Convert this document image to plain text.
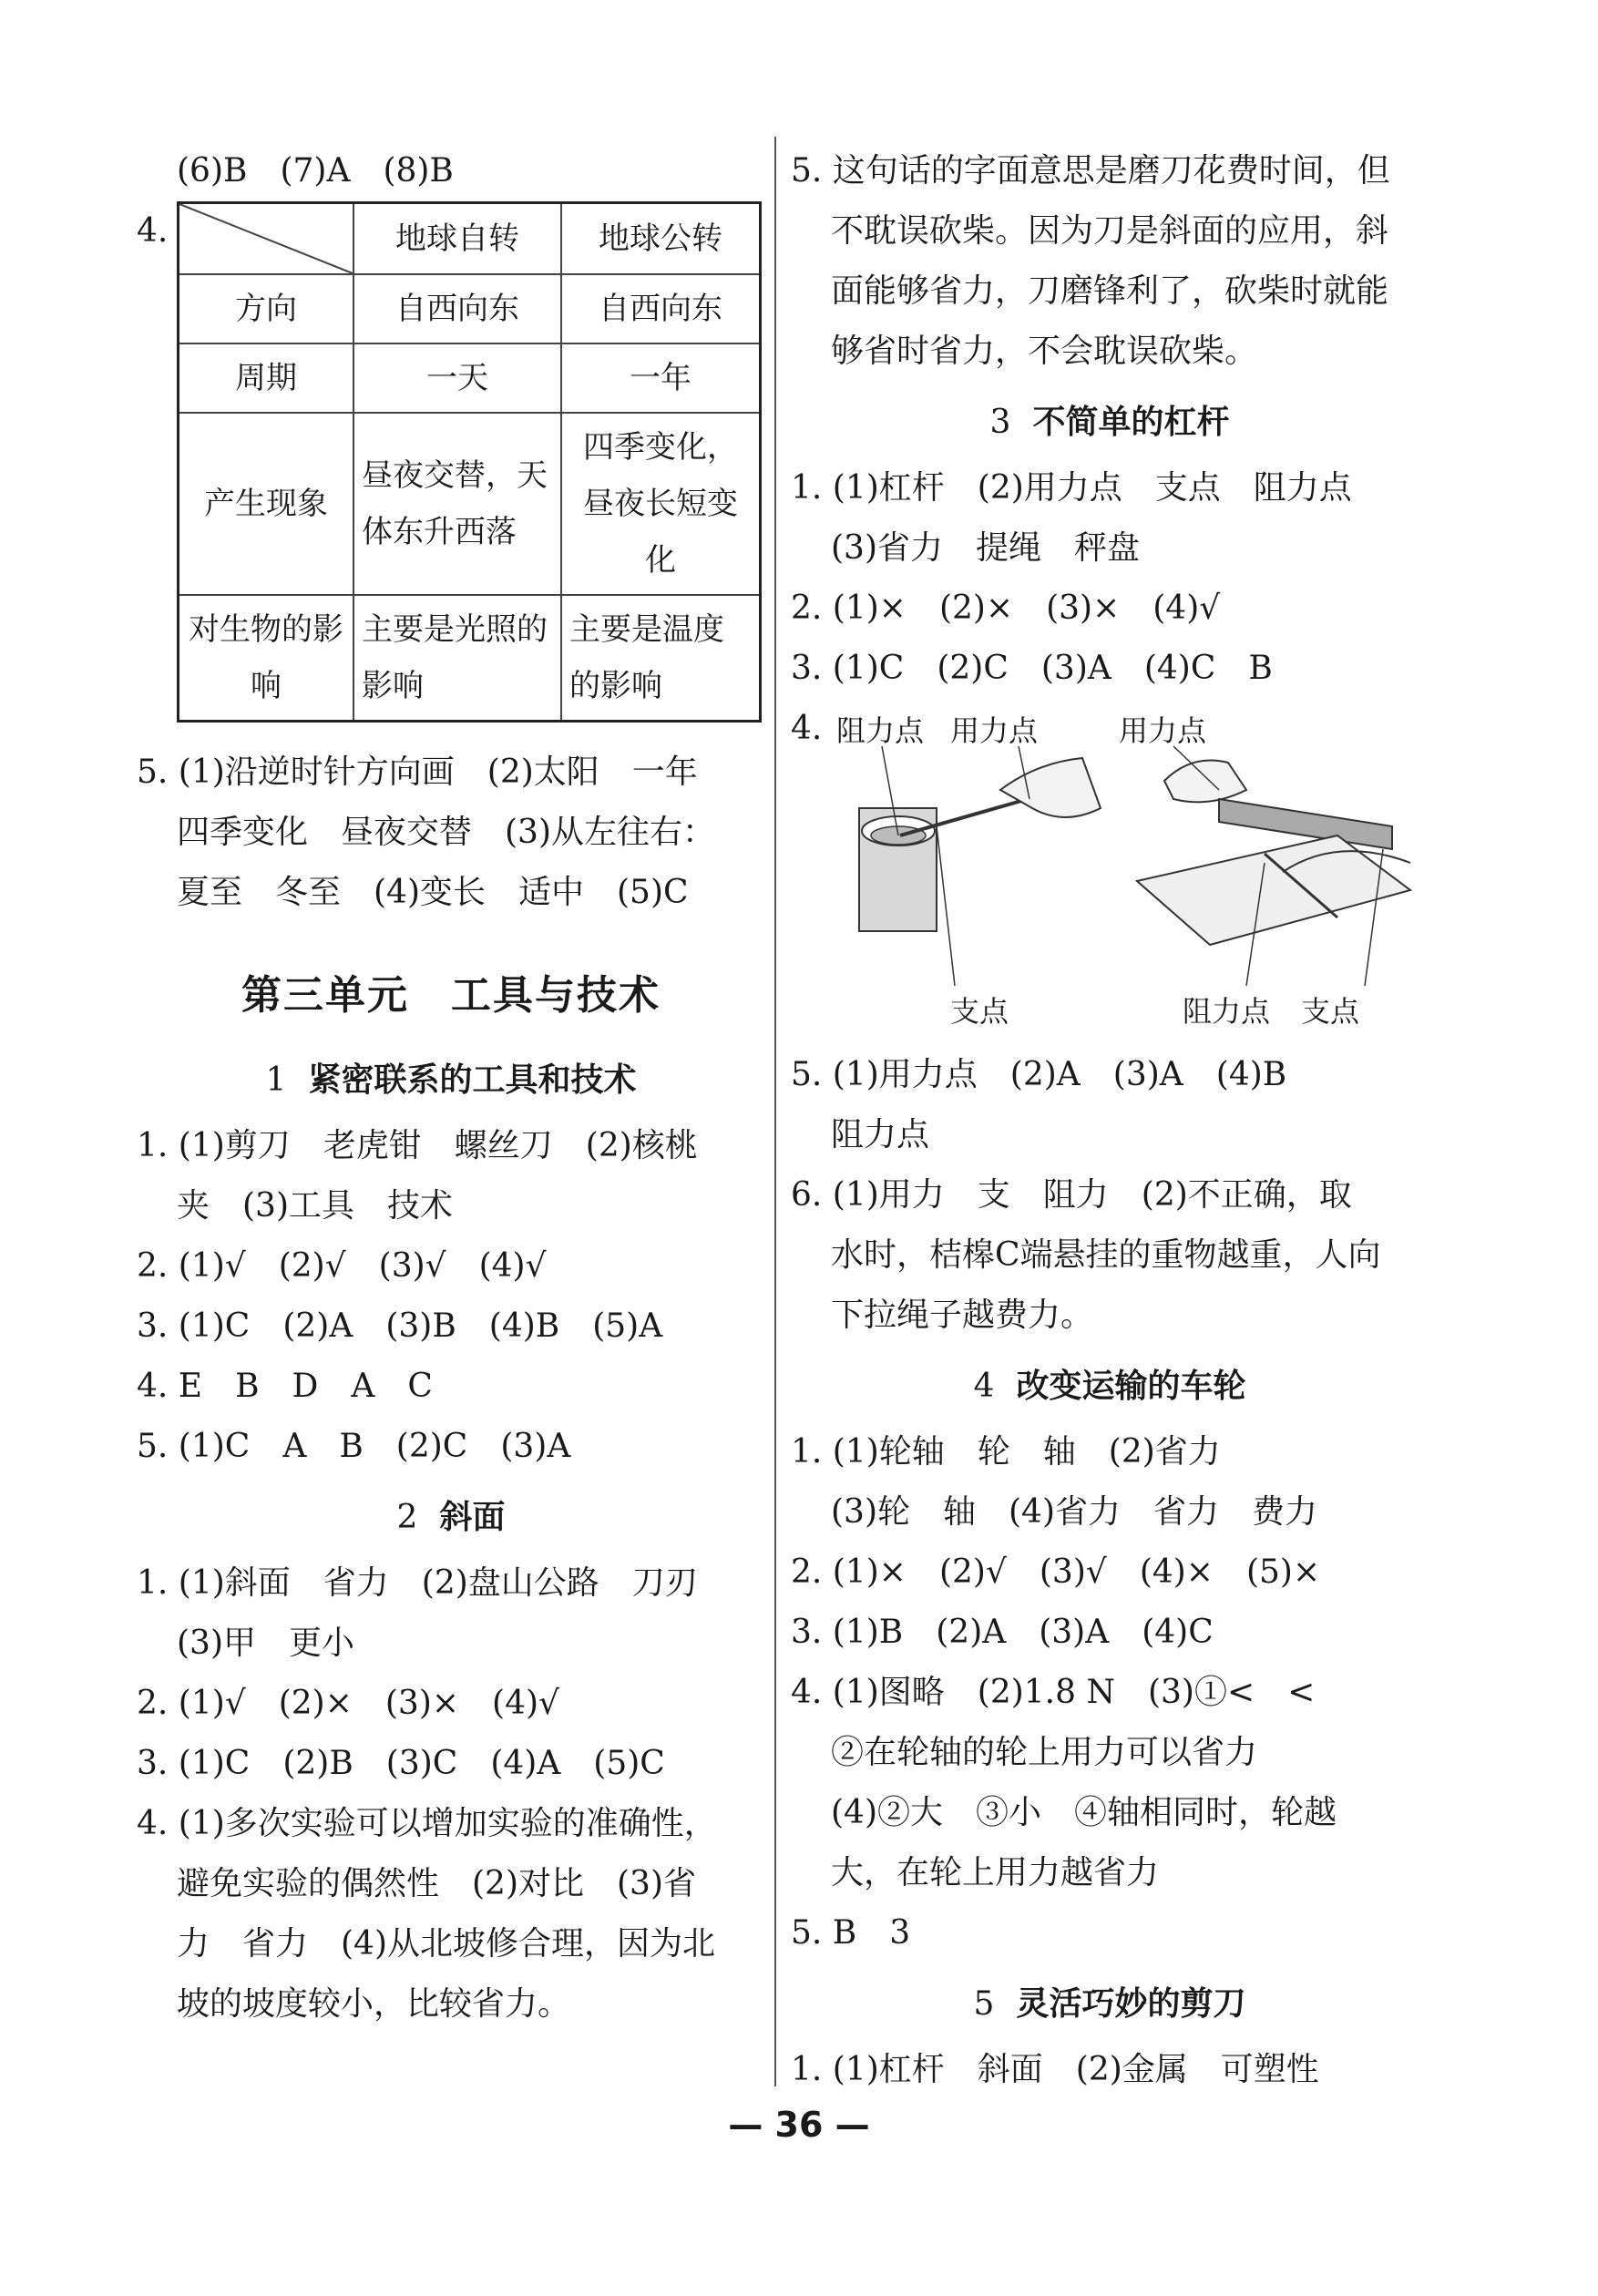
(6)B　(7)A　(8)B
4.
		地球自转	地球公转
方向	自西向东	自西向东
周期	一天	一年
产生现象	昼夜交替，天体东升西落	四季变化，昼夜长短变化
对生物的影响	主要是光照的影响	主要是温度的影响
5. (1)沿逆时针方向画　(2)太阳　一年
四季变化　昼夜交替　(3)从左往右：
夏至　冬至　(4)变长　适中　(5)C
第三单元　工具与技术
1 紧密联系的工具和技术
1. (1)剪刀　老虎钳　螺丝刀　(2)核桃
夹　(3)工具　技术
2. (1)√　(2)√　(3)√　(4)√
3. (1)C　(2)A　(3)B　(4)B　(5)A
4. E　B　D　A　C
5. (1)C　A　B　(2)C　(3)A
2 斜面
1. (1)斜面　省力　(2)盘山公路　刀刃
(3)甲　更小
2. (1)√　(2)×　(3)×　(4)√
3. (1)C　(2)B　(3)C　(4)A　(5)C
4. (1)多次实验可以增加实验的准确性，
避免实验的偶然性　(2)对比　(3)省
力　省力　(4)从北坡修合理，因为北
坡的坡度较小，比较省力。
5. 这句话的字面意思是磨刀花费时间，但
不耽误砍柴。因为刀是斜面的应用，斜
面能够省力，刀磨锋利了，砍柴时就能
够省时省力，不会耽误砍柴。
3 不简单的杠杆
1. (1)杠杆　(2)用力点　支点　阻力点
(3)省力　提绳　秤盘
2. (1)×　(2)×　(3)×　(4)√
3. (1)C　(2)C　(3)A　(4)C　B
4. 阻力点 用力点	用力点
支点	阻力点 支点
5. (1)用力点　(2)A　(3)A　(4)B
阻力点
6. (1)用力　支　阻力　(2)不正确，取
水时，桔槔C端悬挂的重物越重，人向
下拉绳子越费力。
4 改变运输的车轮
1. (1)轮轴　轮　轴　(2)省力
(3)轮　轴　(4)省力　省力　费力
2. (1)×　(2)√　(3)√　(4)×　(5)×
3. (1)B　(2)A　(3)A　(4)C
4. (1)图略　(2)1.8 N　(3)①<　<
②在轮轴的轮上用力可以省力
(4)②大　③小　④轴相同时，轮越
大，在轮上用力越省力
5. B　3
5 灵活巧妙的剪刀
1. (1)杠杆　斜面　(2)金属　可塑性
— 36 —
